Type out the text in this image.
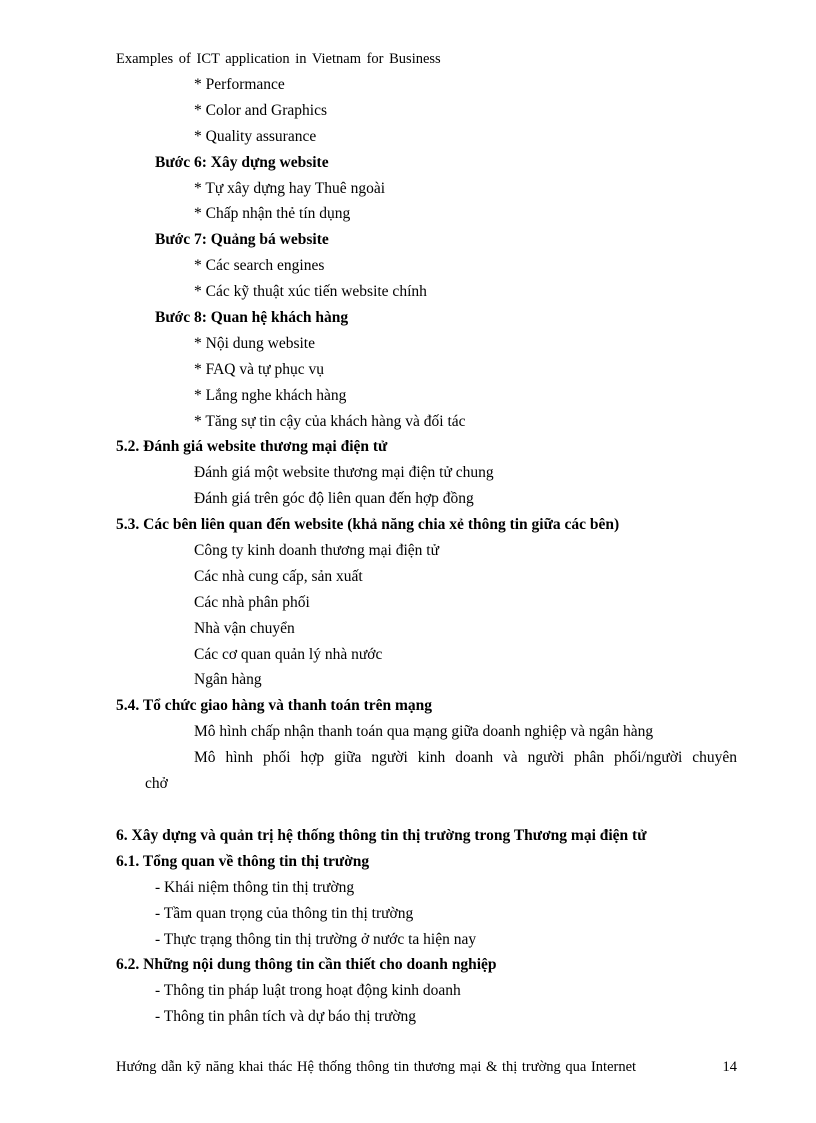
Examples of ICT application in Vietnam for Business
* Performance
* Color and Graphics
* Quality assurance
Bước 6: Xây dựng website
* Tự xây dựng hay Thuê ngoài
* Chấp nhận thẻ tín dụng
Bước 7: Quảng bá website
* Các search engines
* Các kỹ thuật xúc tiến website chính
Bước 8: Quan hệ khách hàng
* Nội dung website
* FAQ và tự phục vụ
* Lắng nghe khách hàng
* Tăng sự tin cậy của khách hàng và đối tác
5.2. Đánh giá website thương mại điện tử
Đánh giá một website thương mại điện tử chung
Đánh giá trên góc độ liên quan đến hợp đồng
5.3. Các bên liên quan đến website (khả năng chia xẻ thông tin giữa các bên)
Công ty kinh doanh thương mại điện tử
Các nhà cung cấp, sản xuất
Các nhà phân phối
Nhà vận chuyển
Các cơ quan quản lý nhà nước
Ngân hàng
5.4. Tổ chức giao hàng và thanh toán trên mạng
Mô hình chấp nhận thanh toán qua mạng giữa doanh nghiệp và ngân hàng
Mô hình phối hợp giữa người kinh doanh và người phân phối/người chuyên
chở
6. Xây dựng và quản trị hệ thống thông tin thị trường trong Thương mại điện tử
6.1. Tổng quan về thông tin thị trường
- Khái niệm thông tin thị trường
- Tầm quan trọng của thông tin thị trường
- Thực trạng thông tin thị trường ở nước ta hiện nay
6.2. Những nội dung thông tin cần thiết cho doanh nghiệp
- Thông tin pháp luật trong hoạt động kinh doanh
- Thông tin phân tích và dự báo thị trường
Hướng dẫn kỹ năng khai thác Hệ thống thông tin thương mại & thị trường qua Internet	14
